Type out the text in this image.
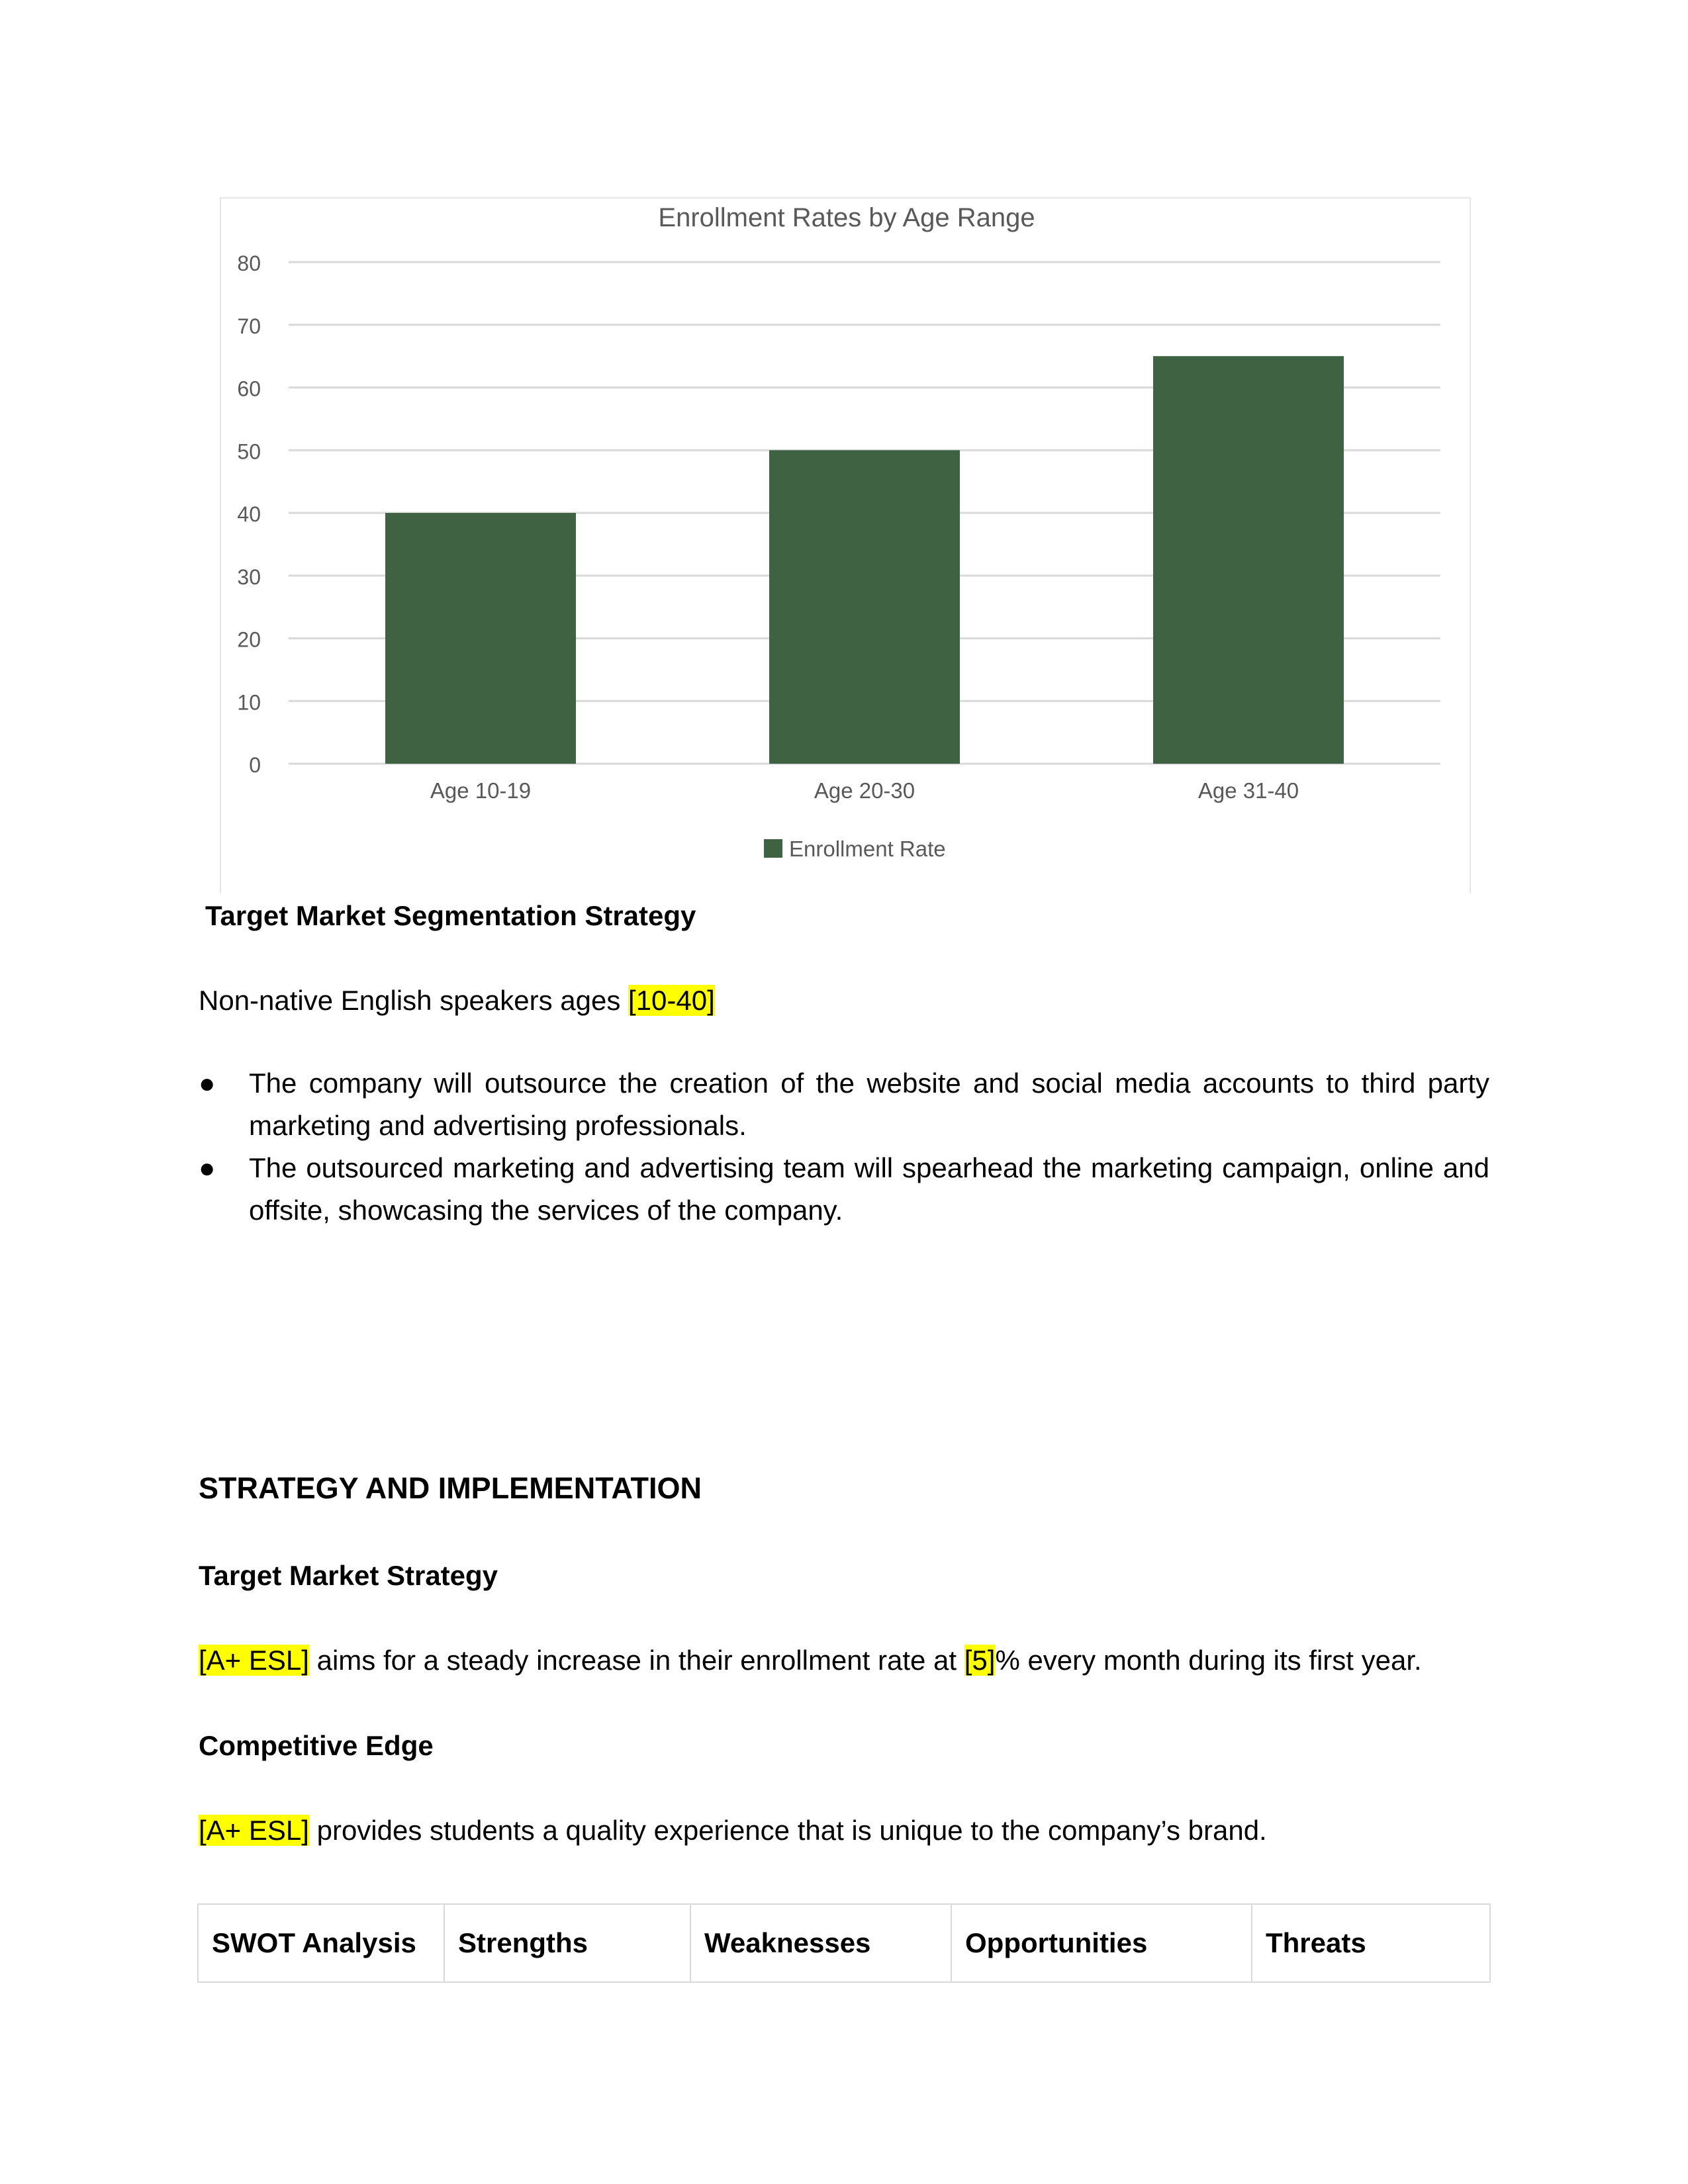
Enrollment Rates by Age Range
0
10
20
30
40
50
60
70
80
Age 10-19	Age 20-30	Age 31-40
Enrollment Rate
Target Market Segmentation Strategy
Non-native English speakers ages [10-40]
● The company will outsource the creation of the website and social media accounts to third party marketing and advertising professionals.
● The outsourced marketing and advertising team will spearhead the marketing campaign, online and offsite, showcasing the services of the company.
STRATEGY AND IMPLEMENTATION
Target Market Strategy
[A+ ESL] aims for a steady increase in their enrollment rate at [5]% every month during its first year.
Competitive Edge
[A+ ESL] provides students a quality experience that is unique to the company’s brand.
SWOT Analysis	Strengths	Weaknesses	Opportunities	Threats
